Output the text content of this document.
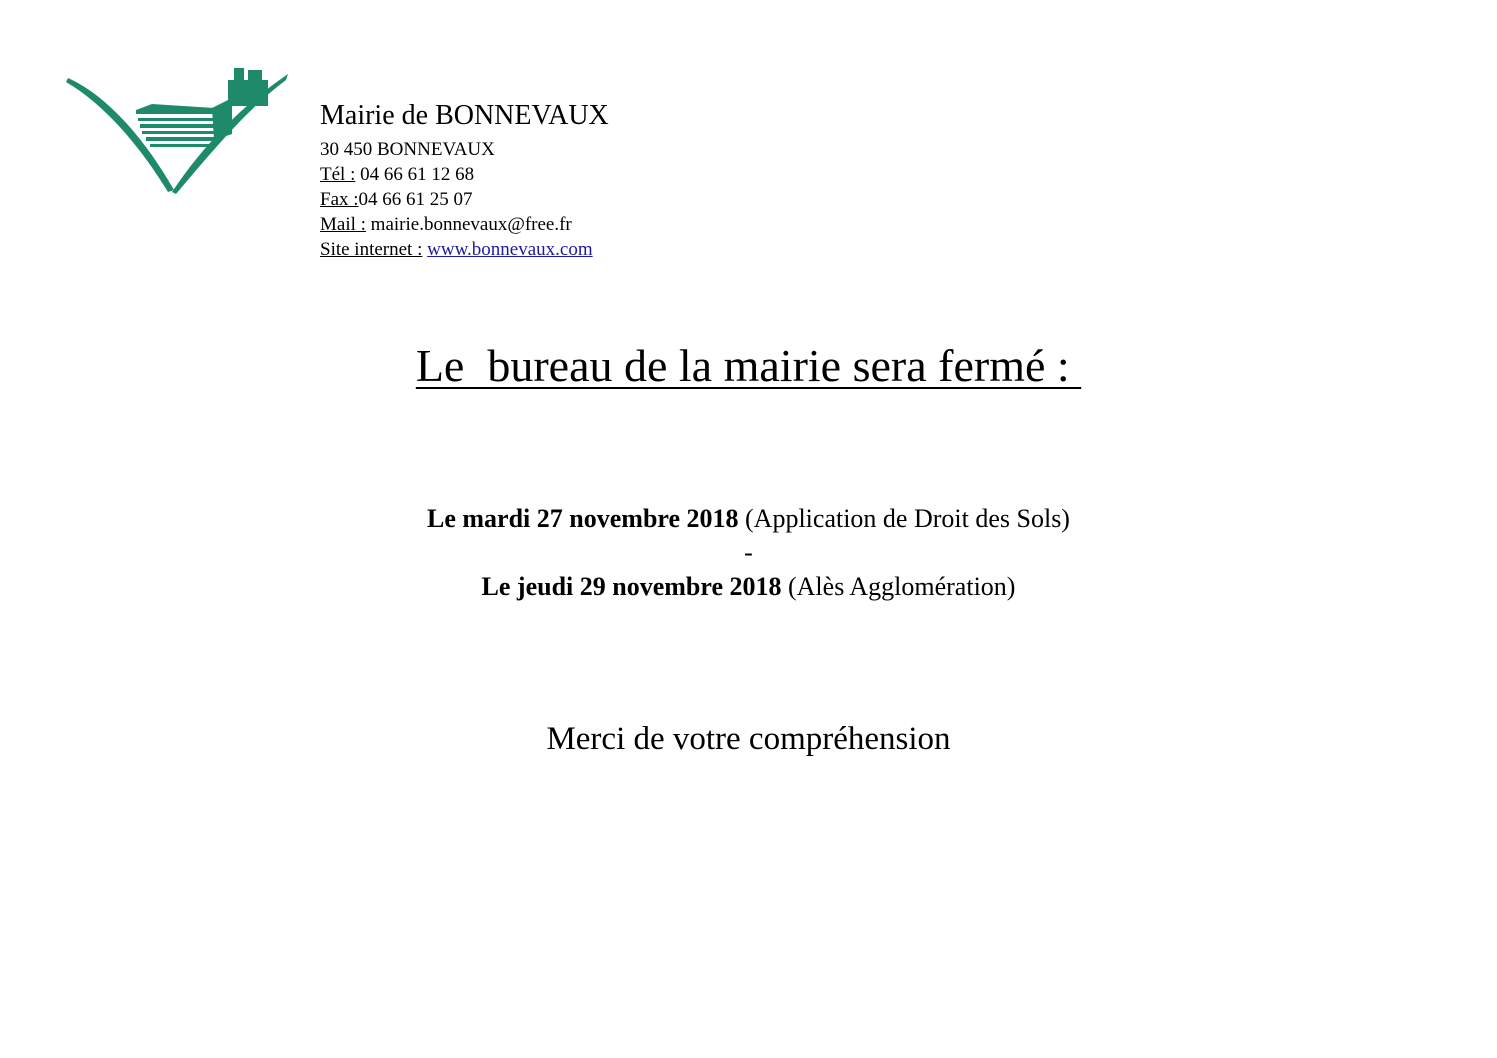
Mairie de BONNEVAUX
30 450 BONNEVAUX
Tél : 04 66 61 12 68
Fax :04 66 61 25 07
Mail : mairie.bonnevaux@free.fr
Site internet : www.bonnevaux.com
Le  bureau de la mairie sera fermé :
Le mardi 27 novembre 2018 (Application de Droit des Sols)
-
Le jeudi 29 novembre 2018 (Alès Agglomération)
Merci de votre compréhension
